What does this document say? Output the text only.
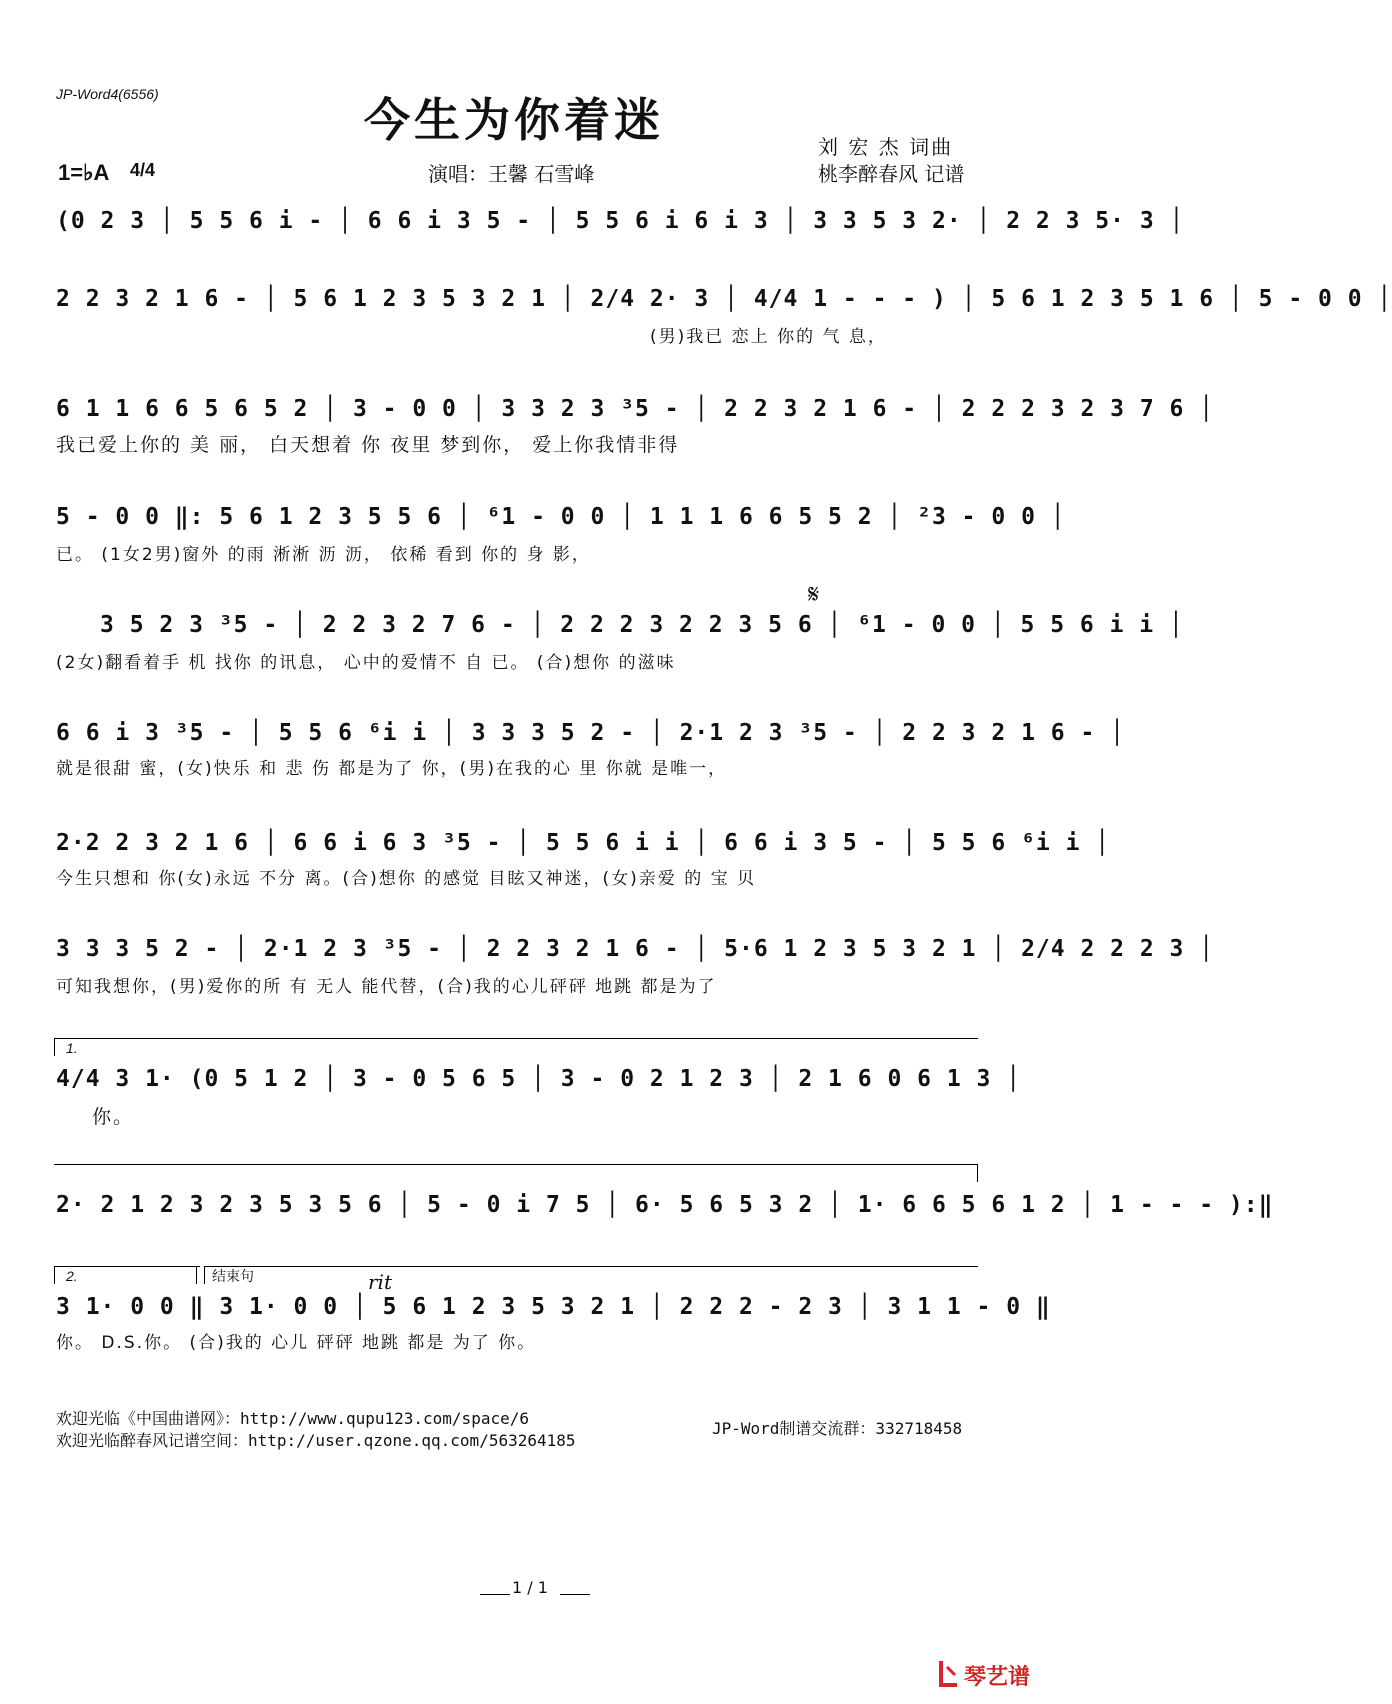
JP-Word4(6556)	今生为你着迷	刘 宏 杰 词曲
桃李醉春风 记谱
演唱：王馨 石雪峰
1=♭A 4/4
(0 2 3 │ 5 5 6 i - │ 6 6 i 3 5 - │ 5 5 6 i 6 i 3 │ 3 3 5 3 2· │ 2 2 3 5· 3 │
2 2 3 2 1 6 - │ 5 6 1 2 3 5 3 2 1 │ 2/4 2· 3 │ 4/4 1 - - - ) │ 5 6 1 2 3 5 1 6 │ 5 - 0 0 │
(男)我已 恋上 你的 气 息，
6 1 1 6 6 5 6 5 2 │ 3 - 0 0 │ 3 3 2 3 ³5 - │ 2 2 3 2 1 6 - │ 2 2 2 3 2 3 7 6 │
我已爱上你的 美 丽， 白天想着 你 夜里 梦到你， 爱上你我情非得
5 - 0 0 ‖: 5 6 1 2 3 5 5 6 │ ⁶1 - 0 0 │ 1 1 1 6 6 5 5 2 │ ²3 - 0 0 │
已。 (1女2男)窗外 的雨 淅淅 沥 沥， 依稀 看到 你的 身 影，
𝄋
3 5 2 3 ³5 - │ 2 2 3 2 7 6 - │ 2 2 2 3 2 2 3 5 6 │ ⁶1 - 0 0 │ 5 5 6 i i │
(2女)翻看着手 机 找你 的讯息， 心中的爱情不 自 已。 (合)想你 的滋味
6 6 i 3 ³5 - │ 5 5 6 ⁶i i │ 3 3 3 5 2 - │ 2·1 2 3 ³5 - │ 2 2 3 2 1 6 - │
就是很甜 蜜，(女)快乐 和 悲 伤 都是为了 你，(男)在我的心 里 你就 是唯一，
2·2 2 3 2 1 6 │ 6 6 i 6 3 ³5 - │ 5 5 6 i i │ 6 6 i 3 5 - │ 5 5 6 ⁶i i │
今生只想和 你(女)永远 不分 离。(合)想你 的感觉 目眩又神迷，(女)亲爱 的 宝 贝
3 3 3 5 2 - │ 2·1 2 3 ³5 - │ 2 2 3 2 1 6 - │ 5·6 1 2 3 5 3 2 1 │ 2/4 2 2 2 3 │
可知我想你，(男)爱你的所 有 无人 能代替，(合)我的心儿砰砰 地跳 都是为了
1.
4/4 3 1· (0 5 1 2 │ 3 - 0 5 6 5 │ 3 - 0 2 1 2 3 │ 2 1 6 0 6 1 3 │
你。
2· 2 1 2 3 2 3 5 3 5 6 │ 5 - 0 i 7 5 │ 6· 5 6 5 3 2 │ 1· 6 6 5 6 1 2 │ 1 - - - ):‖
2.	结束句	rit
3 1· 0 0 ‖ 3 1· 0 0 │ 5 6 1 2 3 5 3 2 1 │ 2 2 2 - 2 3 │ 3 1 1 - 0 ‖
你。 D.S.你。 (合)我的 心儿 砰砰 地跳 都是 为了 你。
欢迎光临《中国曲谱网》：http://www.qupu123.com/space/6
欢迎光临醉春风记谱空间：http://user.qzone.qq.com/563264185
JP-Word制谱交流群：332718458
1 / 1
琴艺谱
